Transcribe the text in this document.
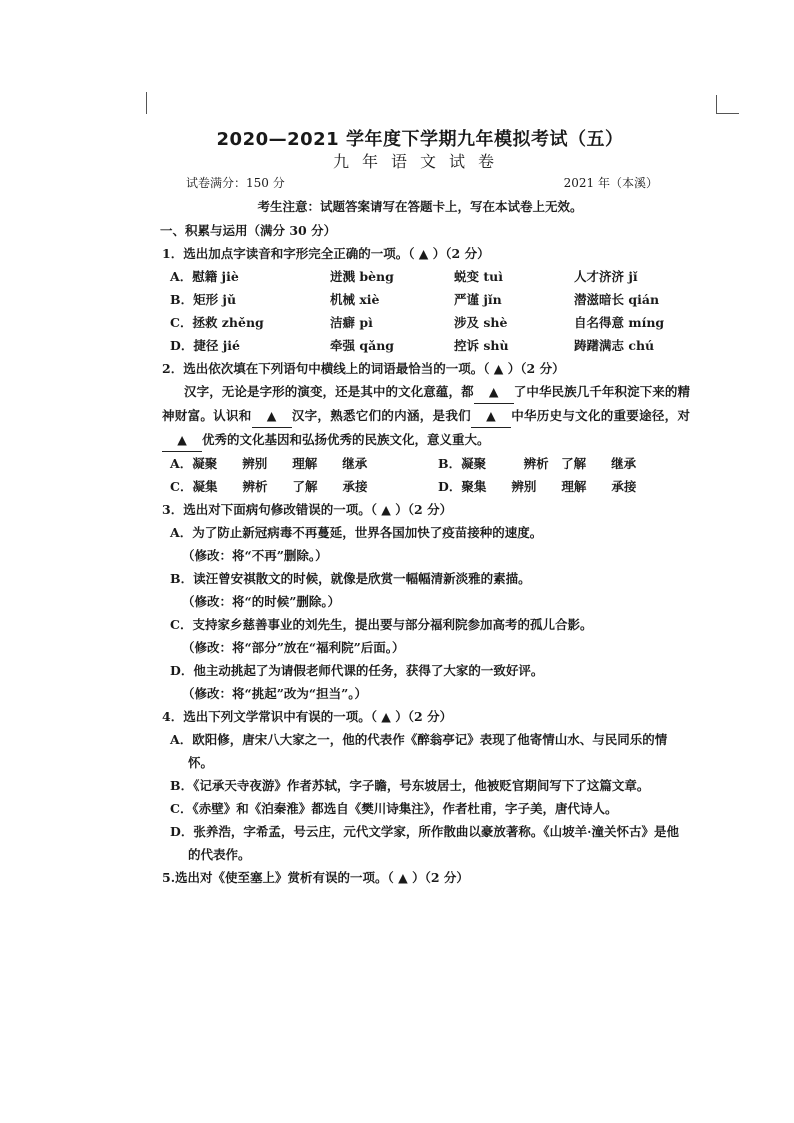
2020—2021 学年度下学期九年模拟考试（五）
九年语文试卷
试卷满分：150 分	2021 年（本溪）
考生注意：试题答案请写在答题卡上，写在本试卷上无效。
一、积累与运用（满分 30 分）
1．选出加点字读音和字形完全正确的一项。（ ▲ ）（2 分）
A．慰籍 jiè	迸溅 bèng	蜕变 tuì	人才济济 jǐ
B．矩形 jǔ	机械 xiè	严谨 jǐn	潜滋暗长 qián
C．拯救 zhěng	洁癖 pì	涉及 shè	自名得意 míng
D．捷径 jié	牵强 qǎng	控诉 shù	踌躇满志 chú
2．选出依次填在下列语句中横线上的词语最恰当的一项。（ ▲ ）（2 分）
汉字，无论是字形的演变，还是其中的文化意蕴，都 ▲ 了中华民族几千年积淀下来的精神财富。认识和 ▲ 汉字，熟悉它们的内涵，是我们 ▲ 中华历史与文化的重要途径，对▲ 优秀的文化基因和弘扬优秀的民族文化，意义重大。
A．凝聚　　辨别　　理解　　继承	B．凝聚　　　辨析　了解　　继承
C．凝集　　辨析　　了解　　承接	D．聚集　　辨别　　理解　　承接
3．选出对下面病句修改错误的一项。（ ▲ ）（2 分）
A．为了防止新冠病毒不再蔓延，世界各国加快了疫苗接种的速度。
（修改：将“不再”删除。）
B．读汪曾安祺散文的时候，就像是欣赏一幅幅清新淡雅的素描。
（修改：将“的时候”删除。）
C．支持家乡慈善事业的刘先生，提出要与部分福利院参加高考的孤儿合影。
（修改：将“部分”放在“福利院”后面。）
D．他主动挑起了为请假老师代课的任务，获得了大家的一致好评。
（修改：将“挑起”改为“担当”。）
4．选出下列文学常识中有误的一项。（ ▲ ）（2 分）
A．欧阳修，唐宋八大家之一，他的代表作《醉翁亭记》表现了他寄情山水、与民同乐的情怀。
B．《记承天寺夜游》作者苏轼，字子瞻，号东坡居士，他被贬官期间写下了这篇文章。
C．《赤壁》和《泊秦淮》都选自《樊川诗集注》，作者杜甫，字子美，唐代诗人。
D．张养浩，字希孟，号云庄，元代文学家，所作散曲以豪放著称。《山坡羊·潼关怀古》是他的代表作。
5.选出对《使至塞上》赏析有误的一项。（ ▲ ）（2 分）
